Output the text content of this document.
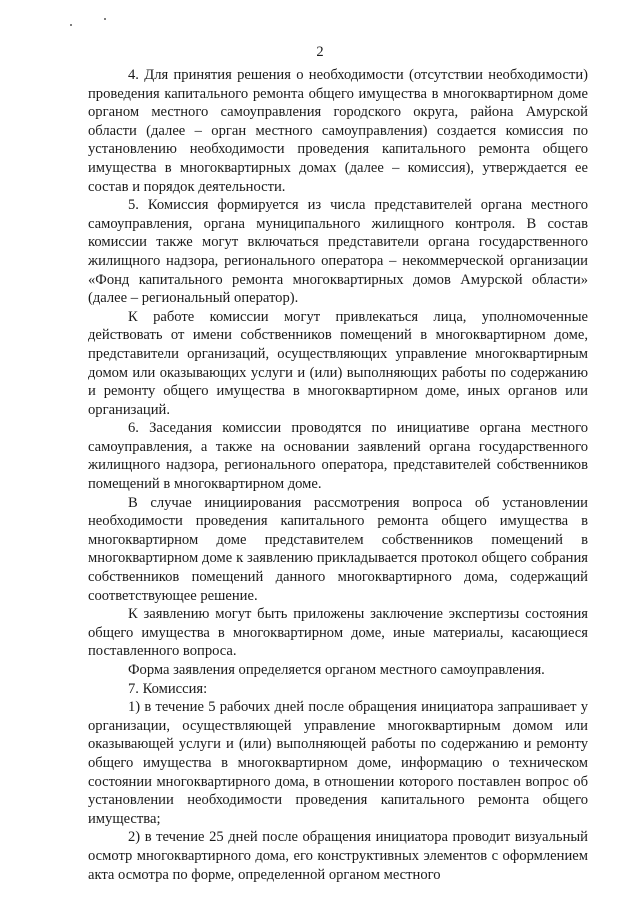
2

4. Для принятия решения о необходимости (отсутствии необходимости) проведения капитального ремонта общего имущества в многоквартирном доме органом местного самоуправления городского округа, района Амурской области (далее – орган местного самоуправления) создается комиссия по установлению необходимости проведения капитального ремонта общего имущества в многоквартирных домах (далее – комиссия), утверждается ее состав и порядок деятельности.

5. Комиссия формируется из числа представителей органа местного самоуправления, органа муниципального жилищного контроля. В состав комиссии также могут включаться представители органа государственного жилищного надзора, регионального оператора – некоммерческой организации «Фонд капитального ремонта многоквартирных домов Амурской области» (далее – региональный оператор).

К работе комиссии могут привлекаться лица, уполномоченные действовать от имени собственников помещений в многоквартирном доме, представители организаций, осуществляющих управление многоквартирным домом или оказывающих услуги и (или) выполняющих работы по содержанию и ремонту общего имущества в многоквартирном доме, иных органов или организаций.

6. Заседания комиссии проводятся по инициативе органа местного самоуправления, а также на основании заявлений органа государственного жилищного надзора, регионального оператора, представителей собственников помещений в многоквартирном доме.

В случае инициирования рассмотрения вопроса об установлении необходимости проведения капитального ремонта общего имущества в многоквартирном доме представителем собственников помещений в многоквартирном доме к заявлению прикладывается протокол общего собрания собственников помещений данного многоквартирного дома, содержащий соответствующее решение.

К заявлению могут быть приложены заключение экспертизы состояния общего имущества в многоквартирном доме, иные материалы, касающиеся поставленного вопроса.

Форма заявления определяется органом местного самоуправления.

7. Комиссия:

1) в течение 5 рабочих дней после обращения инициатора запрашивает у организации, осуществляющей управление многоквартирным домом или оказывающей услуги и (или) выполняющей работы по содержанию и ремонту общего имущества в многоквартирном доме, информацию о техническом состоянии многоквартирного дома, в отношении которого поставлен вопрос об установлении необходимости проведения капитального ремонта общего имущества;

2) в течение 25 дней после обращения инициатора проводит визуальный осмотр многоквартирного дома, его конструктивных элементов с оформлением акта осмотра по форме, определенной органом местного
